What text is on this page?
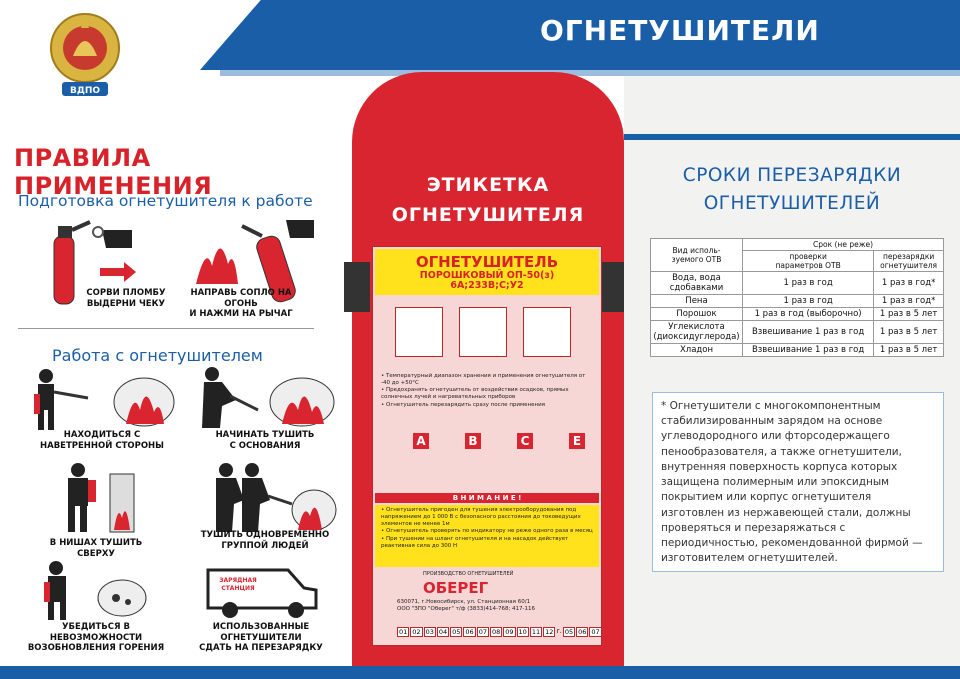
ОГНЕТУШИТЕЛИ
ВДПО
ПРАВИЛА ПРИМЕНЕНИЯ
Подготовка огнетушителя к работе
СОРВИ ПЛОМБУ
ВЫДЕРНИ ЧЕКУ
НАПРАВЬ СОПЛО НА ОГОНЬ
И НАЖМИ НА РЫЧАГ
Работа с огнетушителем
НАХОДИТЬСЯ С
НАВЕТРЕННОЙ СТОРОНЫ
НАЧИНАТЬ ТУШИТЬ
С ОСНОВАНИЯ
В НИШАХ ТУШИТЬ СВЕРХУ
ТУШИТЬ ОДНОВРЕМЕННО
ГРУППОЙ ЛЮДЕЙ
УБЕДИТЬСЯ В НЕВОЗМОЖНОСТИ
ВОЗОБНОВЛЕНИЯ ГОРЕНИЯ
ЗАРЯДНАЯ
СТАНЦИЯ
ИСПОЛЬЗОВАННЫЕ ОГНЕТУШИТЕЛИ
СДАТЬ НА ПЕРЕЗАРЯДКУ
ЭТИКЕТКА
ОГНЕТУШИТЕЛЯ
ОГНЕТУШИТЕЛЬ
ПОРОШКОВЫЙ ОП-50(з)
6А;233В;С;У2
• Температурный диапазон хранения и применения огнетушителя от -40 до +50°С
• Предохранять огнетушитель от воздействия осадков, прямых солнечных лучей и нагревательных приборов
• Огнетушитель перезарядить сразу после применения
A	B	C	E
В Н И М А Н И Е !
• Огнетушитель пригоден для тушения электрооборудования под напряжением до 1 000 В с безопасного расстояния до токоведущих элементов не менее 1м
• Огнетушитель проверять по индикатору не реже одного раза в месяц
• При тушении на шланг огнетушителя и на насадок действует реактивная сила до 300 Н
ПРОИЗВОДСТВО ОГНЕТУШИТЕЛЕЙ
ОБЕРЕГ
630071, г.Новосибирск, ул. Станционная 60/1
ООО "ЗПО "Оберег" т/ф (3833)414-768; 417-116
01 02 03 04 05 06 07 08 09 10 11 12 г. 05 06 07
СРОКИ ПЕРЕЗАРЯДКИ
ОГНЕТУШИТЕЛЕЙ
Вид исполь-
зуемого ОТВ	Срок (не реже)	
	проверки
параметров ОТВ	перезарядки
огнетушителя
Вода, вода
сдобавками	1 раз в год	1 раз в год*
Пена	1 раз в год	1 раз в год*
Порошок	1 раз в год (выборочно)	1 раз в 5 лет
Углекислота
(диоксидуглерода)	Взвешивание 1 раз в год	1 раз в 5 лет
Хладон	Взвешивание 1 раз в год	1 раз в 5 лет
* Огнетушители с многокомпонентным стабилизированным зарядом на основе углеводородного или фторсодержащего пенообразователя, а также огнетушители, внутренняя поверхность корпуса которых защищена полимерным или эпоксидным покрытием или корпус огнетушителя изготовлен из нержавеющей стали, должны проверяться и перезаряжаться с периодичностью, рекомендованной фирмой — изготовителем огнетушителей.
